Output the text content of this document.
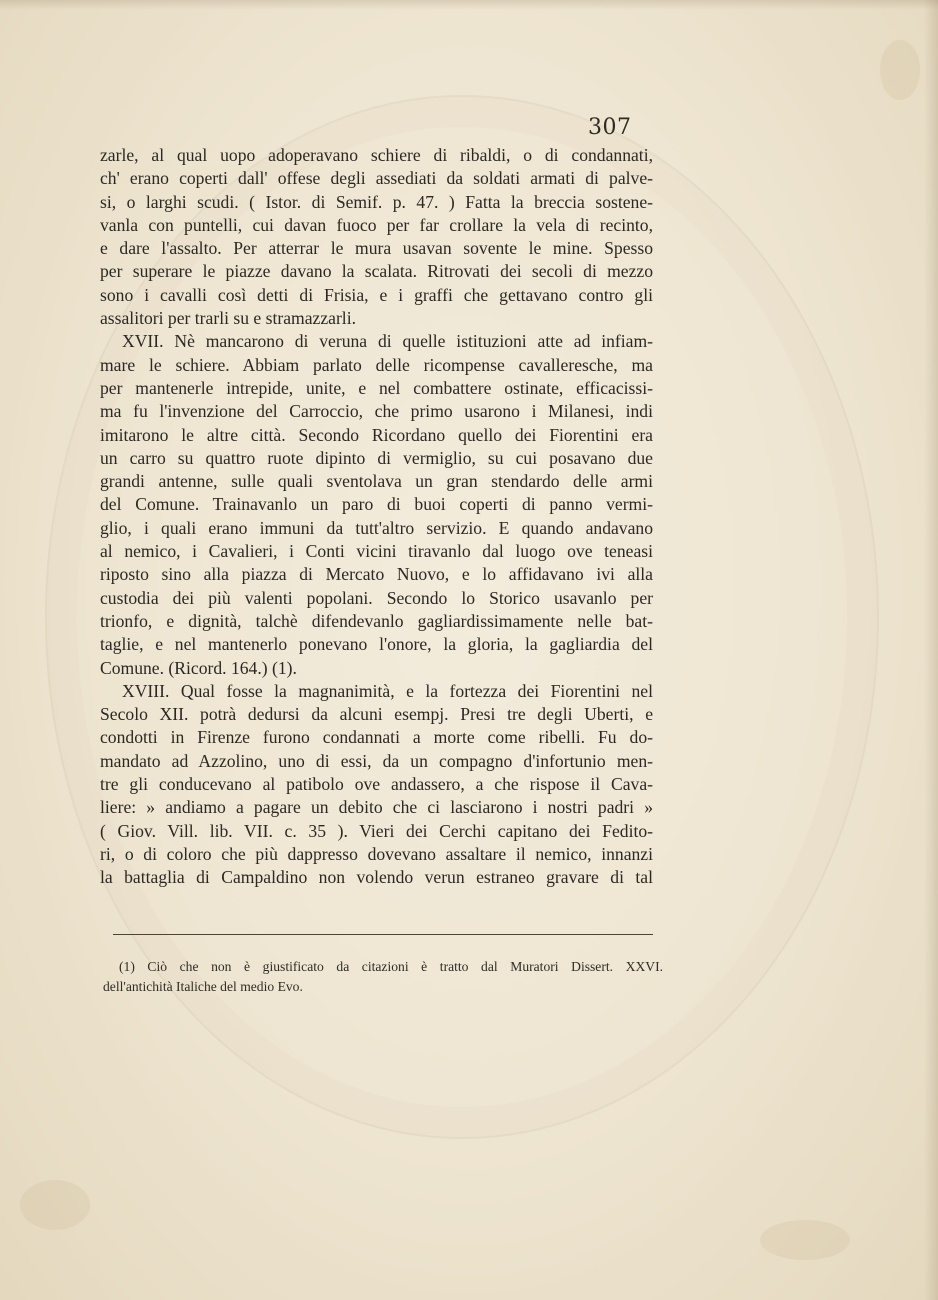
307
zarle, al qual uopo adoperavano schiere di ribaldi, o di condannati,
ch' erano coperti dall' offese degli assediati da soldati armati di palve-
si, o larghi scudi. ( Istor. di Semif. p. 47. ) Fatta la breccia sostene-
vanla con puntelli, cui davan fuoco per far crollare la vela di recinto,
e dare l'assalto. Per atterrar le mura usavan sovente le mine. Spesso
per superare le piazze davano la scalata. Ritrovati dei secoli di mezzo
sono i cavalli così detti di Frisia, e i graffi che gettavano contro gli
assalitori per trarli su e stramazzarli.
XVII. Nè mancarono di veruna di quelle istituzioni atte ad infiam-
mare le schiere. Abbiam parlato delle ricompense cavalleresche, ma
per mantenerle intrepide, unite, e nel combattere ostinate, efficacissi-
ma fu l'invenzione del Carroccio, che primo usarono i Milanesi, indi
imitarono le altre città. Secondo Ricordano quello dei Fiorentini era
un carro su quattro ruote dipinto di vermiglio, su cui posavano due
grandi antenne, sulle quali sventolava un gran stendardo delle armi
del Comune. Trainavanlo un paro di buoi coperti di panno vermi-
glio, i quali erano immuni da tutt'altro servizio. E quando andavano
al nemico, i Cavalieri, i Conti vicini tiravanlo dal luogo ove teneasi
riposto sino alla piazza di Mercato Nuovo, e lo affidavano ivi alla
custodia dei più valenti popolani. Secondo lo Storico usavanlo per
trionfo, e dignità, talchè difendevanlo gagliardissimamente nelle bat-
taglie, e nel mantenerlo ponevano l'onore, la gloria, la gagliardia del
Comune. (Ricord. 164.) (1).
XVIII. Qual fosse la magnanimità, e la fortezza dei Fiorentini nel
Secolo XII. potrà dedursi da alcuni esempj. Presi tre degli Uberti, e
condotti in Firenze furono condannati a morte come ribelli. Fu do-
mandato ad Azzolino, uno di essi, da un compagno d'infortunio men-
tre gli conducevano al patibolo ove andassero, a che rispose il Cava-
liere: » andiamo a pagare un debito che ci lasciarono i nostri padri »
( Giov. Vill. lib. VII. c. 35 ). Vieri dei Cerchi capitano dei Fedito-
ri, o di coloro che più dappresso dovevano assaltare il nemico, innanzi
la battaglia di Campaldino non volendo verun estraneo gravare di tal
(1) Ciò che non è giustificato da citazioni è tratto dal Muratori Dissert. XXVI.
dell'antichità Italiche del medio Evo.
